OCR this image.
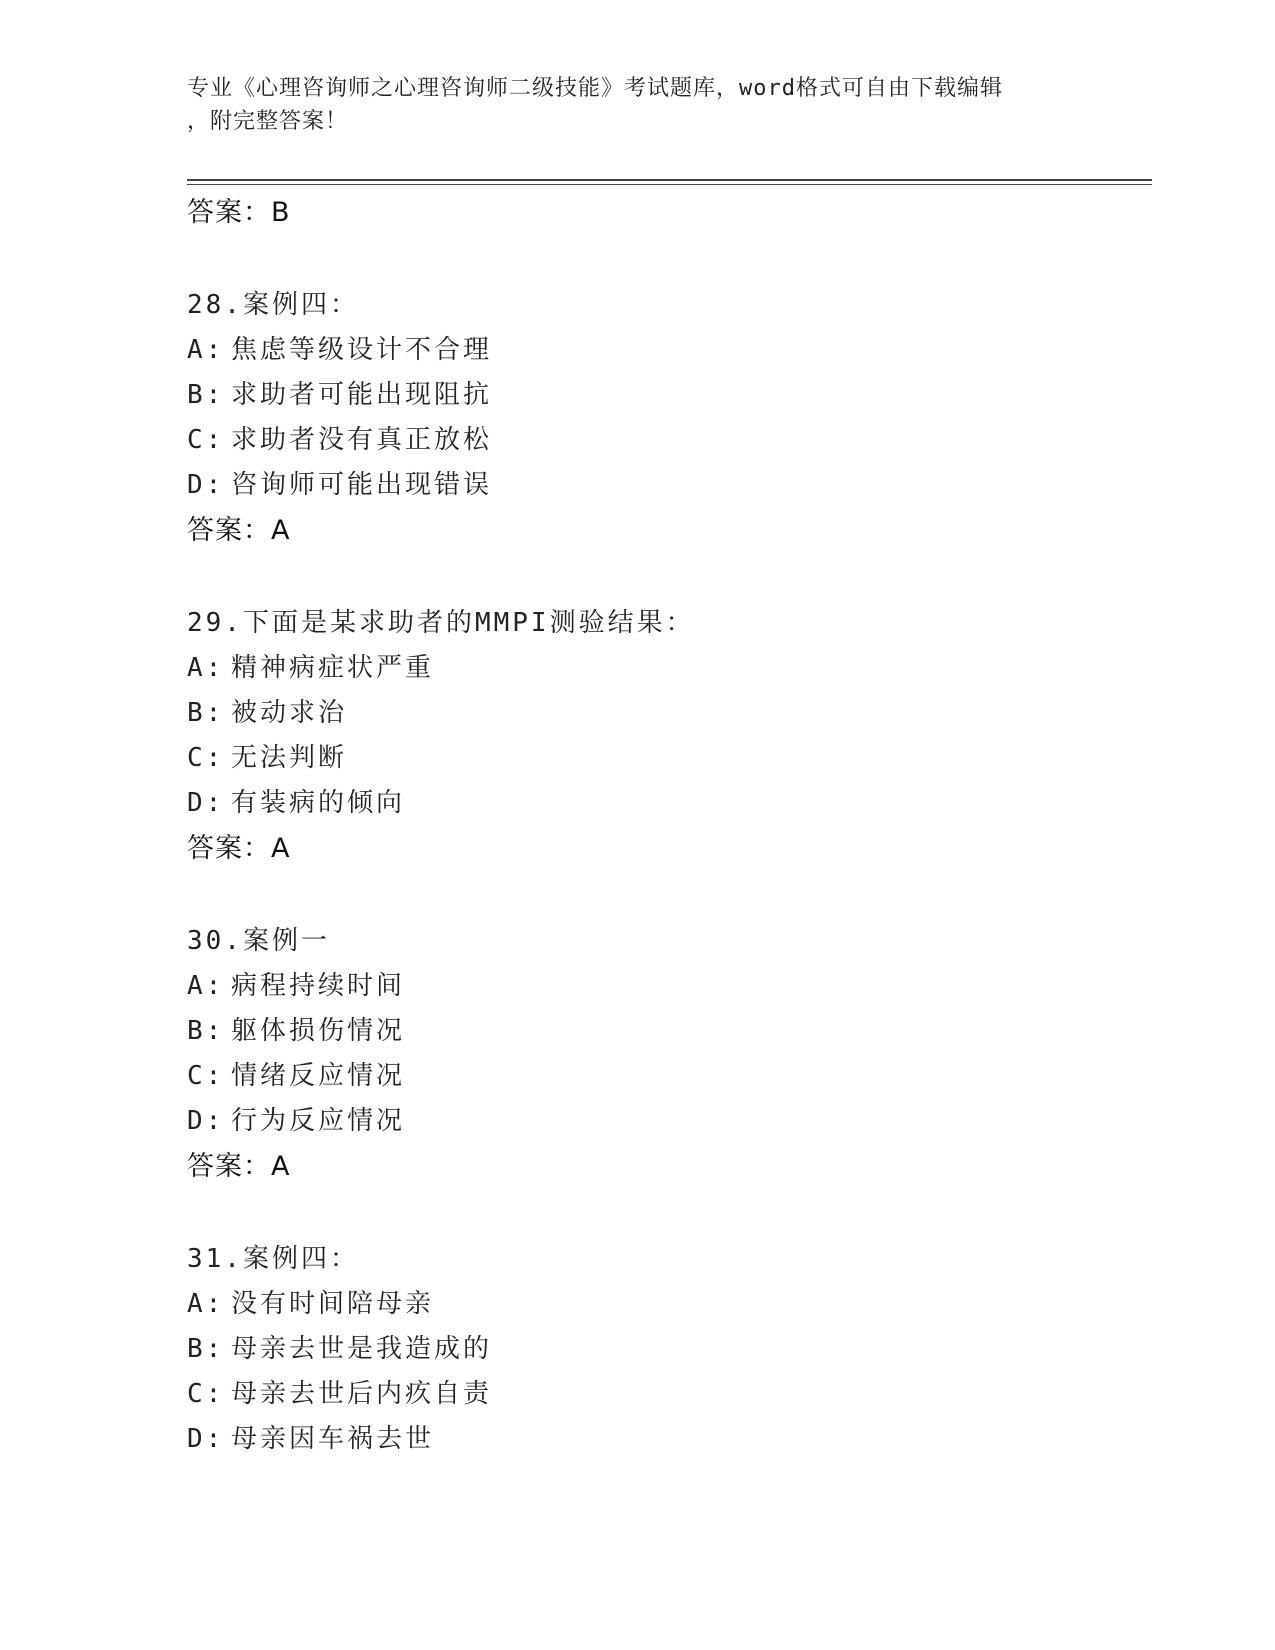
专业《心理咨询师之心理咨询师二级技能》考试题库，word格式可自由下载编辑
，附完整答案！
答案：B
28.案例四：
A: 焦虑等级设计不合理
B: 求助者可能出现阻抗
C: 求助者没有真正放松
D: 咨询师可能出现错误
答案：A
29.下面是某求助者的MMPI测验结果：
A: 精神病症状严重
B: 被动求治
C: 无法判断
D: 有装病的倾向
答案：A
30.案例一
A: 病程持续时间
B: 躯体损伤情况
C: 情绪反应情况
D: 行为反应情况
答案：A
31.案例四：
A: 没有时间陪母亲
B: 母亲去世是我造成的
C: 母亲去世后内疚自责
D: 母亲因车祸去世
